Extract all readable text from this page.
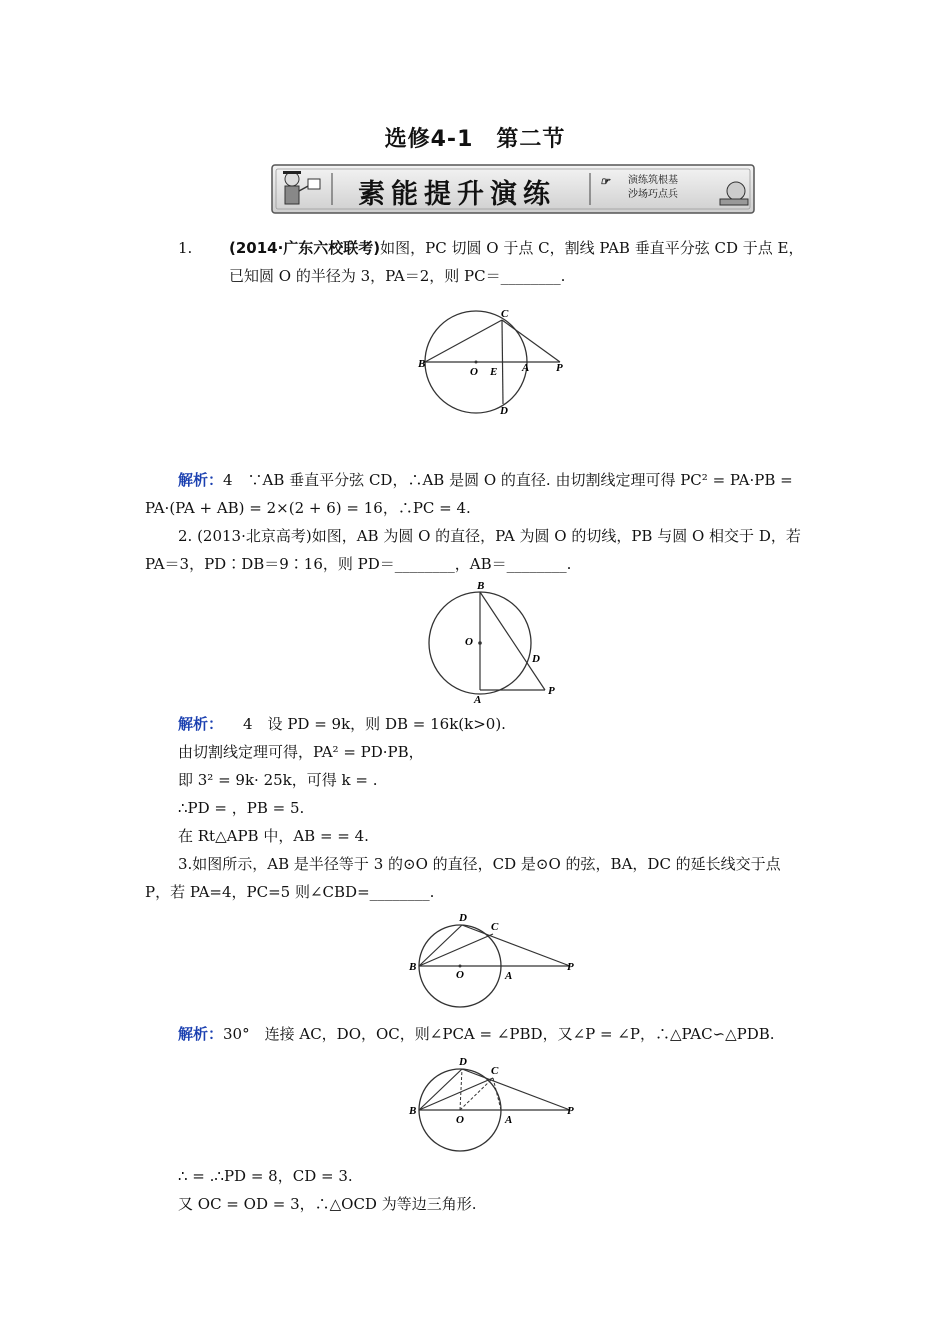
选修4-1　第二节
☞
素能提升演练	演练筑根基
沙场巧点兵
1. (2014·广东六校联考)如图，PC 切圆 O 于点 C，割线 PAB 垂直平分弦 CD 于点 E，
已知圆 O 的半径为 3，PA＝2，则 PC＝________.
C
B
O E A P
D
解析：4　∵AB 垂直平分弦 CD，∴AB 是圆 O 的直径. 由切割线定理可得 PC² = PA·PB =
PA·(PA + AB) = 2×(2 + 6) = 16，∴PC = 4.
2. (2013·北京高考)如图，AB 为圆 O 的直径，PA 为圆 O 的切线，PB 与圆 O 相交于 D，若
PA＝3，PD∶DB＝9∶16，则 PD＝________，AB＝________.
B
O
D
A
P
解析： 4　设 PD = 9k，则 DB = 16k(k>0).
由切割线定理可得，PA² = PD·PB，
即 3² = 9k· 25k，可得 k = .
∴PD = ，PB = 5.
在 Rt△APB 中，AB = = 4.
3.如图所示，AB 是半径等于 3 的⊙O 的直径，CD 是⊙O 的弦，BA，DC 的延长线交于点
P，若 PA=4，PC=5 则∠CBD=________.
D
C
B
O	A
P
解析：30°　连接 AC，DO，OC，则∠PCA = ∠PBD，又∠P = ∠P，∴△PAC∽△PDB.
D
C
B
O	A
P
∴ = .∴PD = 8，CD = 3.
又 OC = OD = 3，∴△OCD 为等边三角形.
